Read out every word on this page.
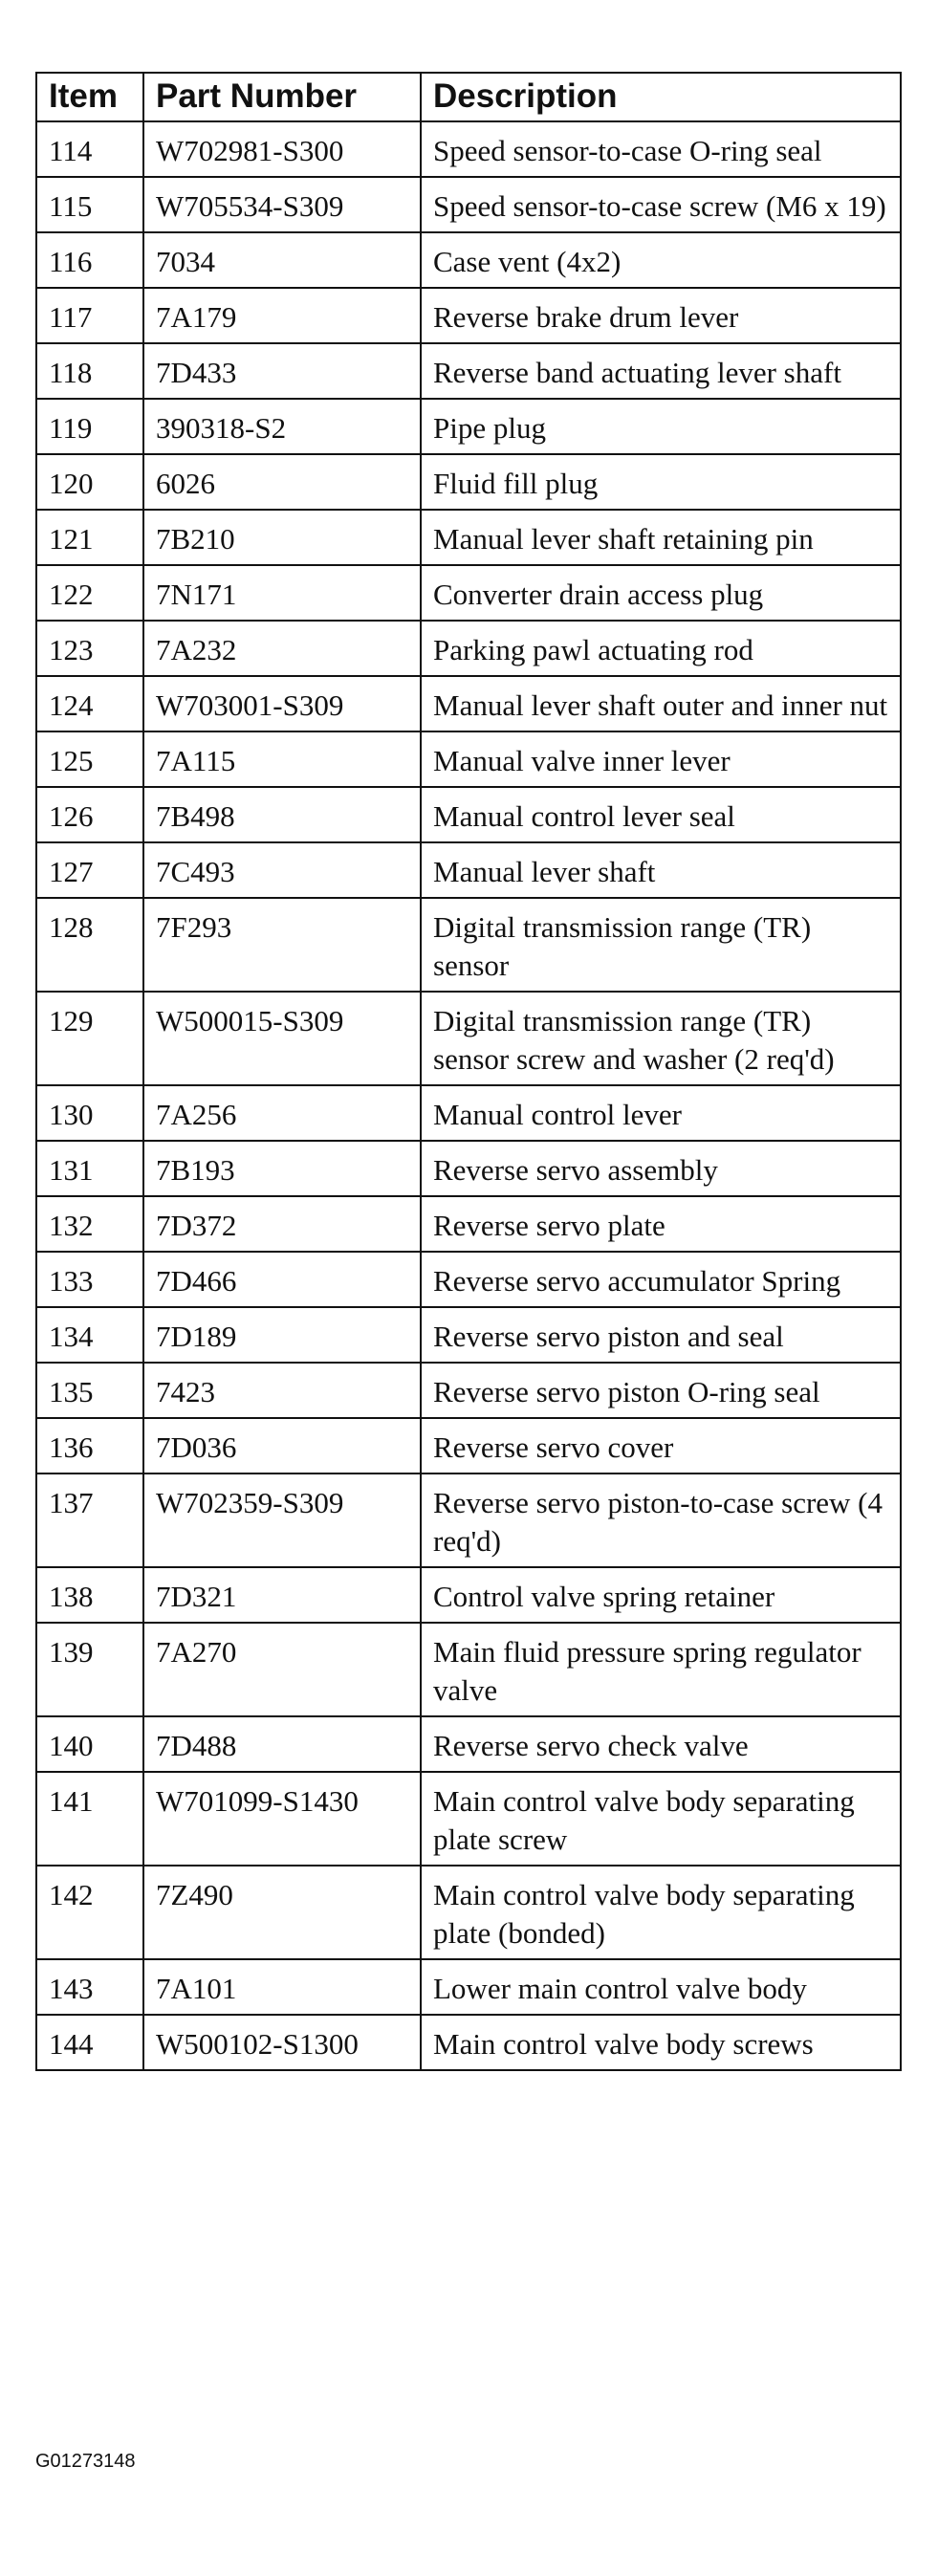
Item	Part Number	Description
114	W702981-S300	Speed sensor-to-case O-ring seal
115	W705534-S309	Speed sensor-to-case screw (M6 x 19)
116	7034	Case vent (4x2)
117	7A179	Reverse brake drum lever
118	7D433	Reverse band actuating lever shaft
119	390318-S2	Pipe plug
120	6026	Fluid fill plug
121	7B210	Manual lever shaft retaining pin
122	7N171	Converter drain access plug
123	7A232	Parking pawl actuating rod
124	W703001-S309	Manual lever shaft outer and inner nut
125	7A115	Manual valve inner lever
126	7B498	Manual control lever seal
127	7C493	Manual lever shaft
128	7F293	Digital transmission range (TR) sensor
129	W500015-S309	Digital transmission range (TR) sensor screw and washer (2 req'd)
130	7A256	Manual control lever
131	7B193	Reverse servo assembly
132	7D372	Reverse servo plate
133	7D466	Reverse servo accumulator Spring
134	7D189	Reverse servo piston and seal
135	7423	Reverse servo piston O-ring seal
136	7D036	Reverse servo cover
137	W702359-S309	Reverse servo piston-to-case screw (4 req'd)
138	7D321	Control valve spring retainer
139	7A270	Main fluid pressure spring regulator valve
140	7D488	Reverse servo check valve
141	W701099-S1430	Main control valve body separating plate screw
142	7Z490	Main control valve body separating plate (bonded)
143	7A101	Lower main control valve body
144	W500102-S1300	Main control valve body screws
G01273148
